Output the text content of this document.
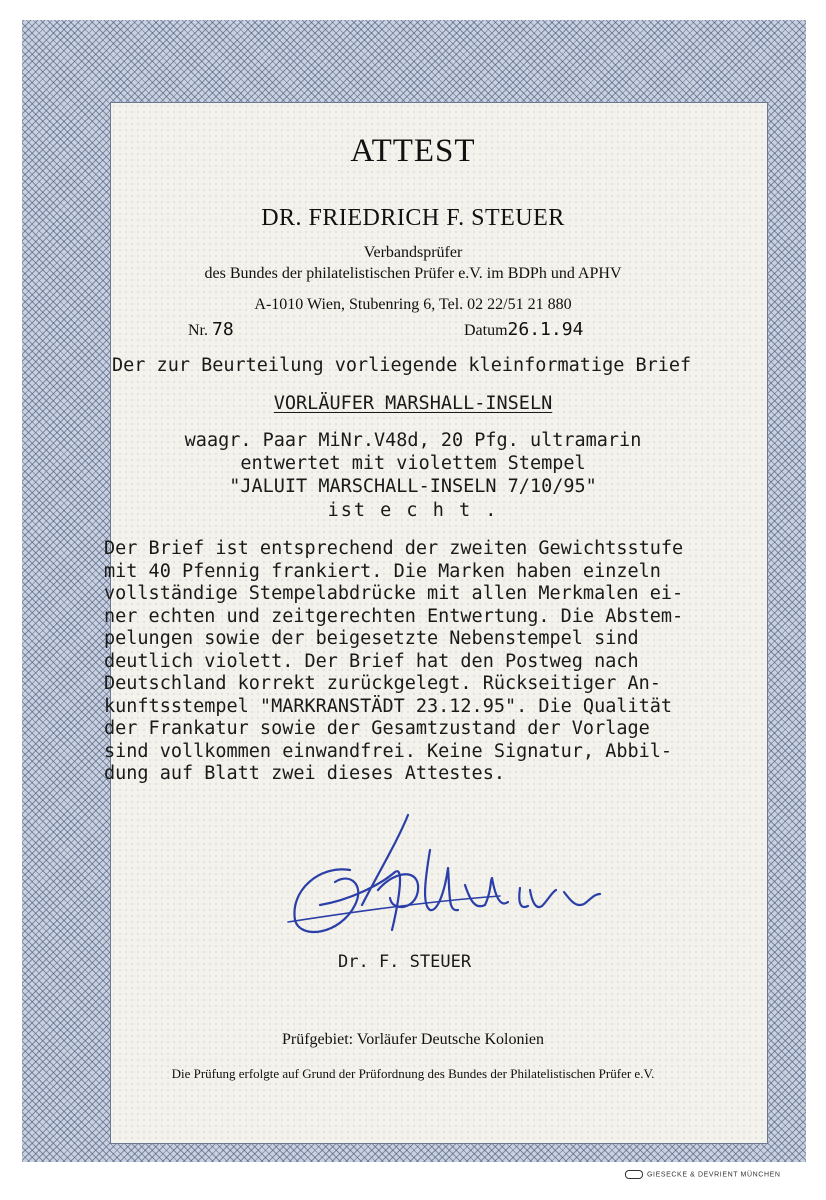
ATTEST
DR. FRIEDRICH F. STEUER
Verbandsprüfer
des Bundes der philatelistischen Prüfer e.V. im BDPh und APHV
A-1010 Wien, Stubenring 6, Tel. 02 22/51 21 880
Nr. 78	Datum26.1.94
Der zur Beurteilung vorliegende kleinformatige Brief
VORLÄUFER MARSHALL-INSELN
waagr. Paar MiNr.V48d, 20 Pfg. ultramarin
entwertet mit violettem Stempel
"JALUIT MARSCHALL-INSELN 7/10/95"
ist e c h t .
Der Brief ist entsprechend der zweiten Gewichtsstufe
mit 40 Pfennig frankiert. Die Marken haben einzeln
vollständige Stempelabdrücke mit allen Merkmalen ei-
ner echten und zeitgerechten Entwertung. Die Abstem-
pelungen sowie der beigesetzte Nebenstempel sind
deutlich violett. Der Brief hat den Postweg nach
Deutschland korrekt zurückgelegt. Rückseitiger An-
kunftsstempel "MARKRANSTÄDT 23.12.95". Die Qualität
der Frankatur sowie der Gesamtzustand der Vorlage
sind vollkommen einwandfrei. Keine Signatur, Abbil-
dung auf Blatt zwei dieses Attestes.
Dr. F. STEUER
Prüfgebiet: Vorläufer Deutsche Kolonien
Die Prüfung erfolgte auf Grund der Prüfordnung des Bundes der Philatelistischen Prüfer e.V.
GIESECKE & DEVRIENT MÜNCHEN
